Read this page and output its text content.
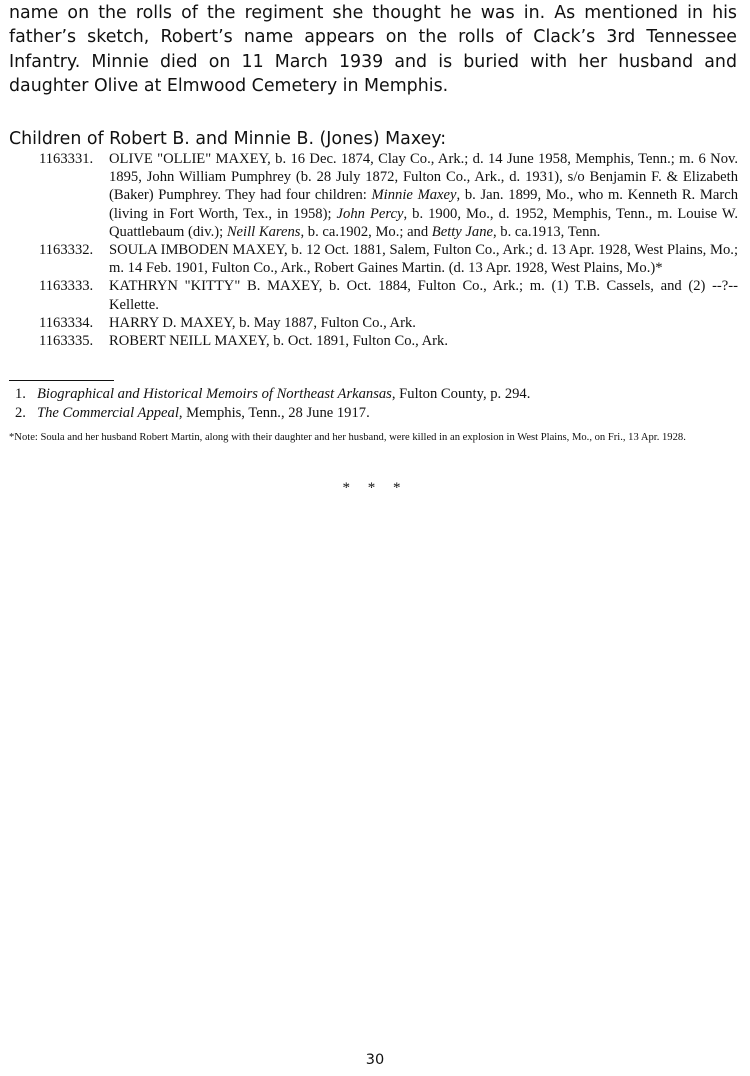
name on the rolls of the regiment she thought he was in. As mentioned in his father’s sketch, Robert’s name appears on the rolls of Clack’s 3rd Tennessee Infantry. Minnie died on 11 March 1939 and is buried with her husband and daughter Olive at Elmwood Cemetery in Memphis.

Children of Robert B. and Minnie B. (Jones) Maxey:

1163331.	OLIVE "OLLIE" MAXEY, b. 16 Dec. 1874, Clay Co., Ark.; d. 14 June 1958, Memphis, Tenn.; m. 6 Nov. 1895, John William Pumphrey (b. 28 July 1872, Fulton Co., Ark., d. 1931), s/o Benjamin F. & Elizabeth (Baker) Pumphrey. They had four children: Minnie Maxey, b. Jan. 1899, Mo., who m. Kenneth R. March (living in Fort Worth, Tex., in 1958); John Percy, b. 1900, Mo., d. 1952, Memphis, Tenn., m. Louise W. Quattlebaum (div.); Neill Karens, b. ca.1902, Mo.; and Betty Jane, b. ca.1913, Tenn.
1163332.	SOULA IMBODEN MAXEY, b. 12 Oct. 1881, Salem, Fulton Co., Ark.; d. 13 Apr. 1928, West Plains, Mo.; m. 14 Feb. 1901, Fulton Co., Ark., Robert Gaines Martin. (d. 13 Apr. 1928, West Plains, Mo.)*
1163333.	KATHRYN "KITTY" B. MAXEY, b. Oct. 1884, Fulton Co., Ark.; m. (1) T.B. Cassels, and (2) --?-- Kellette.
1163334.	HARRY D. MAXEY, b. May 1887, Fulton Co., Ark.
1163335.	ROBERT NEILL MAXEY, b. Oct. 1891, Fulton Co., Ark.
1. Biographical and Historical Memoirs of Northeast Arkansas, Fulton County, p. 294.
2. The Commercial Appeal, Memphis, Tenn., 28 June 1917.

*Note: Soula and her husband Robert Martin, along with their daughter and her husband, were killed in an explosion in West Plains, Mo., on Fri., 13 Apr. 1928.

* * *

30
